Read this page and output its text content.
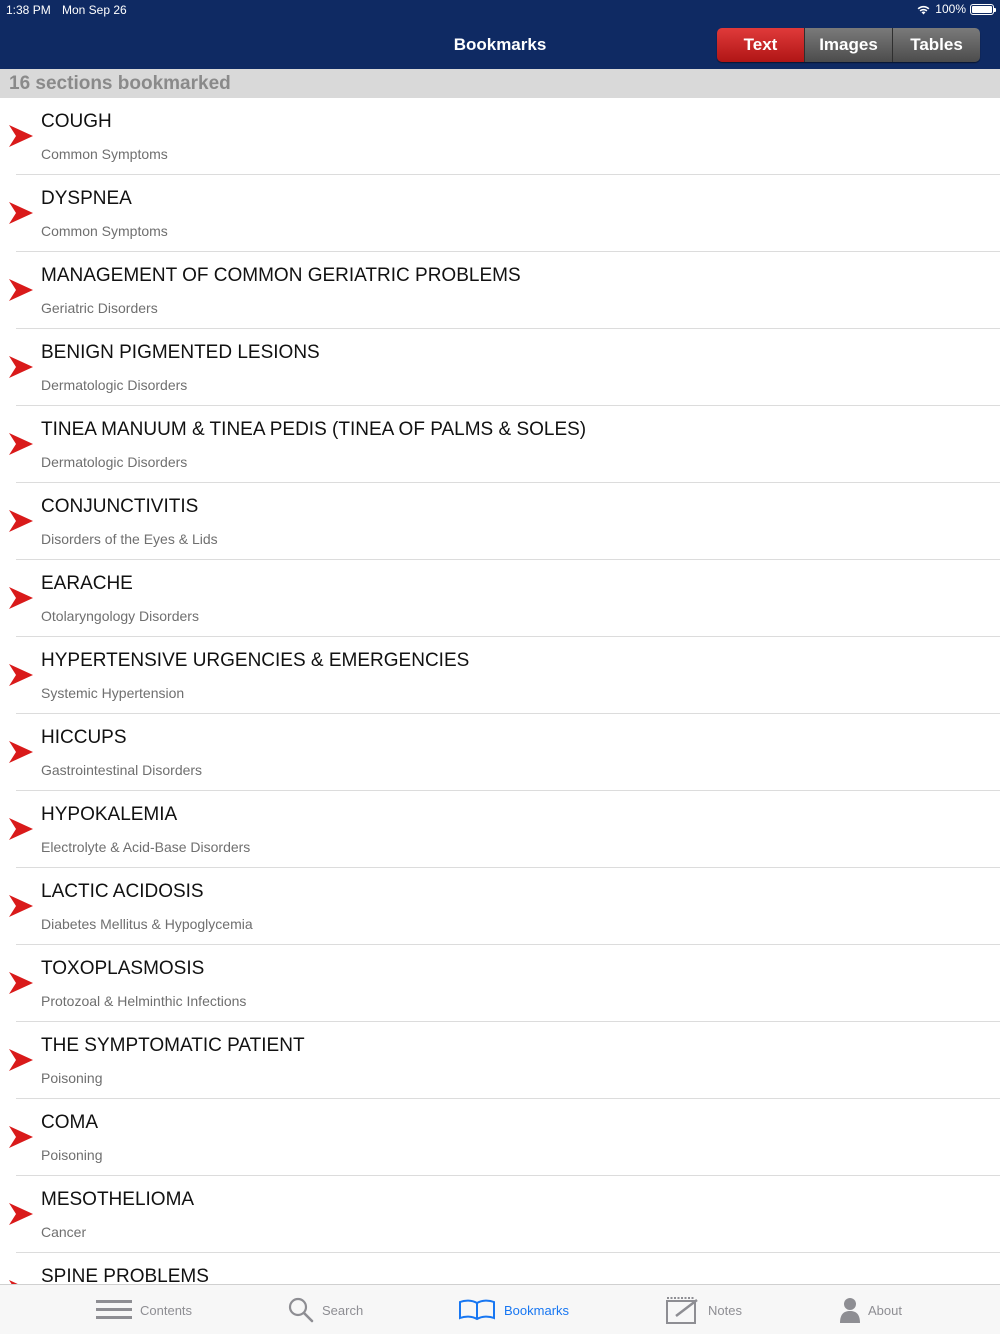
1:38 PM Mon Sep 26	100%
Bookmarks	Text	Images	Tables
16 sections bookmarked
COUGH
Common Symptoms
DYSPNEA
Common Symptoms
MANAGEMENT OF COMMON GERIATRIC PROBLEMS
Geriatric Disorders
BENIGN PIGMENTED LESIONS
Dermatologic Disorders
TINEA MANUUM & TINEA PEDIS (TINEA OF PALMS & SOLES)
Dermatologic Disorders
CONJUNCTIVITIS
Disorders of the Eyes & Lids
EARACHE
Otolaryngology Disorders
HYPERTENSIVE URGENCIES & EMERGENCIES
Systemic Hypertension
HICCUPS
Gastrointestinal Disorders
HYPOKALEMIA
Electrolyte & Acid-Base Disorders
LACTIC ACIDOSIS
Diabetes Mellitus & Hypoglycemia
TOXOPLASMOSIS
Protozoal & Helminthic Infections
THE SYMPTOMATIC PATIENT
Poisoning
COMA
Poisoning
MESOTHELIOMA
Cancer
SPINE PROBLEMS
Contents	Search	Bookmarks	Notes	About
